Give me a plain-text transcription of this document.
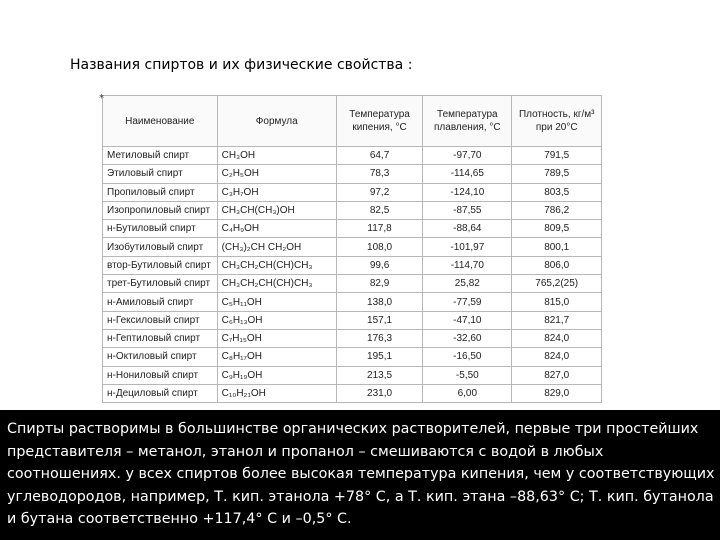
Названия спиртов и их физические свойства :
*
Наименование	Формула	Температура кипения, °С	Температура плавления, °С	Плотность, кг/м³ при 20°С
Метиловый спирт	CH₃OH	64,7	-97,70	791,5
Этиловый спирт	C₂H₅OH	78,3	-114,65	789,5
Пропиловый спирт	C₃H₇OH	97,2	-124,10	803,5
Изопропиловый спирт	CH₃CH(CH₃)OH	82,5	-87,55	786,2
н-Бутиловый спирт	C₄H₉OH	117,8	-88,64	809,5
Изобутиловый спирт	(CH₃)₂CH CH₂OH	108,0	-101,97	800,1
втор-Бутиловый спирт	CH₃CH₂CH(CH)CH₃	99,6	-114,70	806,0
трет-Бутиловый спирт	CH₃CH₂CH(CH)CH₃	82,9	25,82	765,2(25)
н-Амиловый спирт	C₅H₁₁OH	138,0	-77,59	815,0
н-Гексиловый спирт	C₆H₁₃OH	157,1	-47,10	821,7
н-Гептиловый спирт	C₇H₁₅OH	176,3	-32,60	824,0
н-Октиловый спирт	C₈H₁₇OH	195,1	-16,50	824,0
н-Нониловый спирт	C₉H₁₉OH	213,5	-5,50	827,0
н-Дециловый спирт	C₁₀H₂₁OH	231,0	6,00	829,0
Спирты растворимы в большинстве органических растворителей, первые три простейших представителя – метанол, этанол и пропанол – смешиваются с водой в любых соотношениях. у всех спиртов более высокая температура кипения, чем у соответствующих углеводородов, например, Т. кип. этанола +78° С, а Т. кип. этана –88,63° С; Т. кип. бутанола и бутана соответственно +117,4° С и –0,5° С.
